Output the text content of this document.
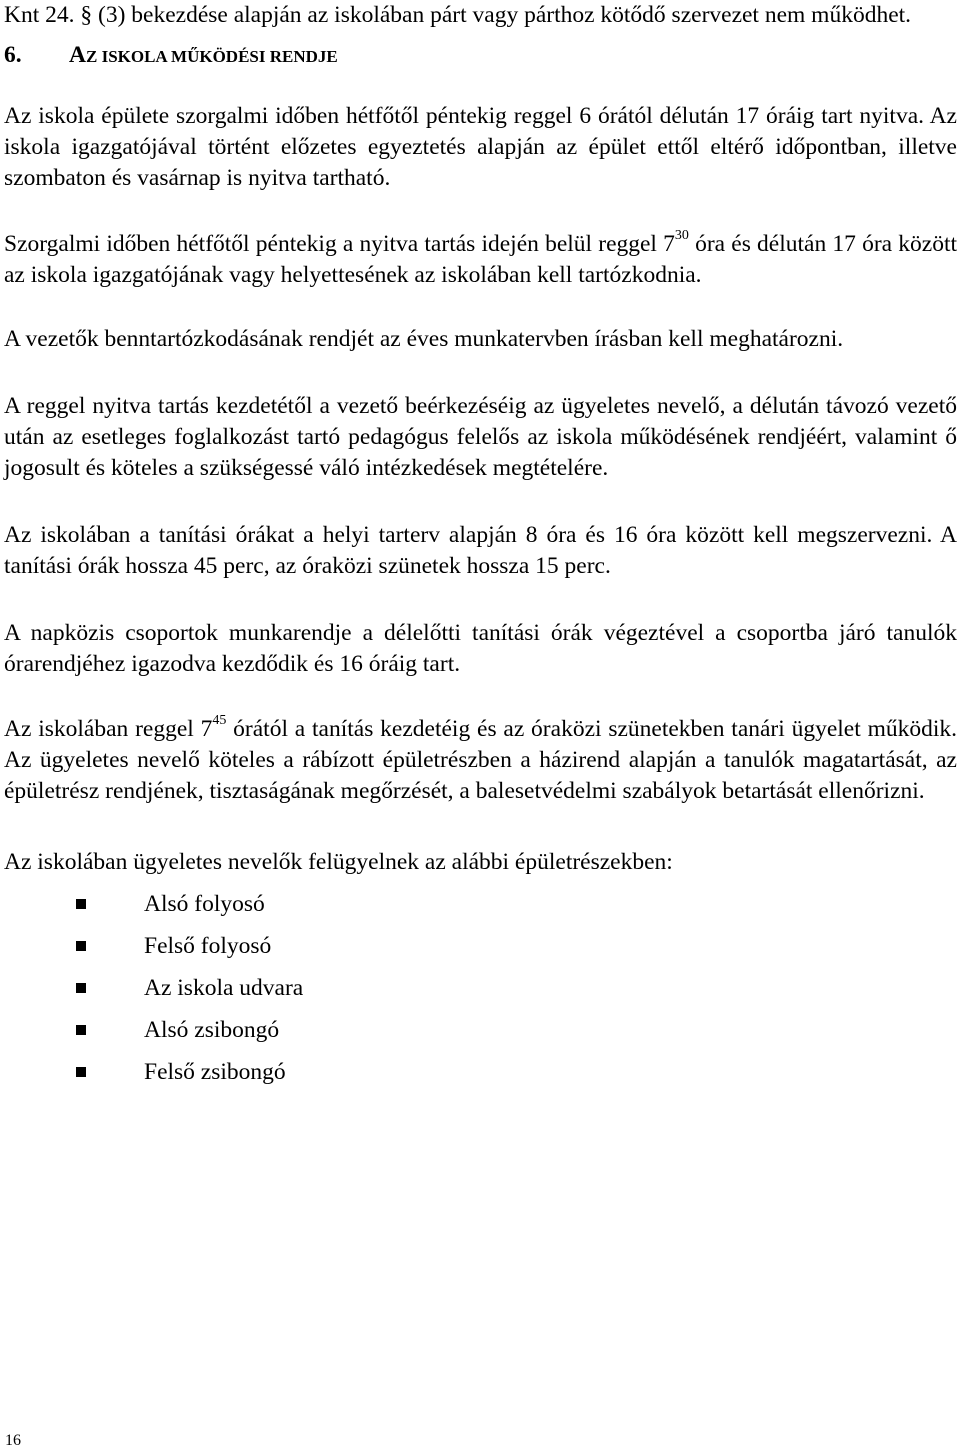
Knt 24. § (3) bekezdése alapján az iskolában párt vagy párthoz kötődő szervezet nem működhet.

6. AZ ISKOLA MŰKÖDÉSI RENDJE

Az iskola épülete szorgalmi időben hétfőtől péntekig reggel 6 órától délután 17 óráig tart nyitva. Az iskola igazgatójával történt előzetes egyeztetés alapján az épület ettől eltérő időpontban, illetve szombaton és vasárnap is nyitva tartható.

Szorgalmi időben hétfőtől péntekig a nyitva tartás idején belül reggel $7^{30}$ óra és délután 17 óra között az iskola igazgatójának vagy helyettesének az iskolában kell tartózkodnia.

A vezetők benntartózkodásának rendjét az éves munkatervben írásban kell meghatározni.

A reggel nyitva tartás kezdetétől a vezető beérkezéséig az ügyeletes nevelő, a délután távozó vezető után az esetleges foglalkozást tartó pedagógus felelős az iskola működésének rendjéért, valamint ő jogosult és köteles a szükségessé váló intézkedések megtételére.

Az iskolában a tanítási órákat a helyi tarterv alapján 8 óra és 16 óra között kell megszervezni. A tanítási órák hossza 45 perc, az óraközi szünetek hossza 15 perc.

A napközis csoportok munkarendje a délelőtti tanítási órák végeztével a csoportba járó tanulók órarendjéhez igazodva kezdődik és 16 óráig tart.

Az iskolában reggel $7^{45}$ órától a tanítás kezdetéig és az óraközi szünetekben tanári ügyelet működik. Az ügyeletes nevelő köteles a rábízott épületrészben a házirend alapján a tanulók magatartását, az épületrész rendjének, tisztaságának megőrzését, a balesetvédelmi szabályok betartását ellenőrizni.

Az iskolában ügyeletes nevelők felügyelnek az alábbi épületrészekben:

Alsó folyosó
Felső folyosó
Az iskola udvara
Alsó zsibongó
Felső zsibongó
16
